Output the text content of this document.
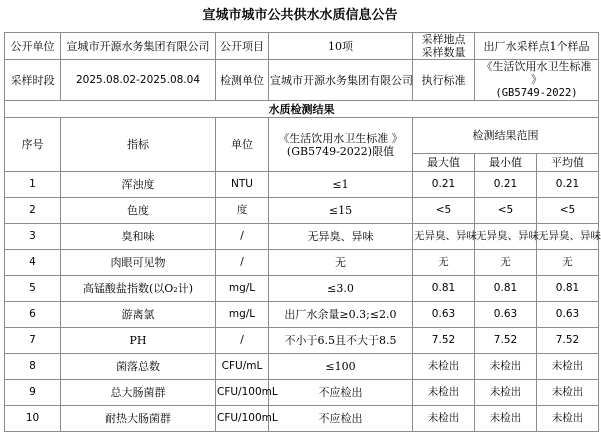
宣城市城市公共供水水质信息公告
公开单位	宣城市开源水务集团有限公司	公开项目	10项	采样地点
采样数量	出厂水采样点1个样品	
采样时段	2025.08.02-2025.08.04	检测单位	宣城市开源水务集团有限公司	执行标准	《生活饮用水卫生标准 》
(GB5749-2022)	
水质检测结果						
序号	指标	单位	《生活饮用水卫生标准 》
(GB5749-2022)限值	检测结果范围		
				最大值	最小值	平均值
1	浑浊度	NTU	≤1	0.21	0.21	0.21
2	色度	度	≤15	<5	<5	<5
3	臭和味	/	无异臭、异味	无异臭、异味	无异臭、异味	无异臭、异味
4	肉眼可见物	/	无	无	无	无
5	高锰酸盐指数(以O₂计)	mg/L	≤3.0	0.81	0.81	0.81
6	游离氯	mg/L	出厂水余量≥0.3;≤2.0	0.63	0.63	0.63
7	PH	/	不小于6.5且不大于8.5	7.52	7.52	7.52
8	菌落总数	CFU/mL	≤100	未检出	未检出	未检出
9	总大肠菌群	CFU/100mL	不应检出	未检出	未检出	未检出
10	耐热大肠菌群	CFU/100mL	不应检出	未检出	未检出	未检出
